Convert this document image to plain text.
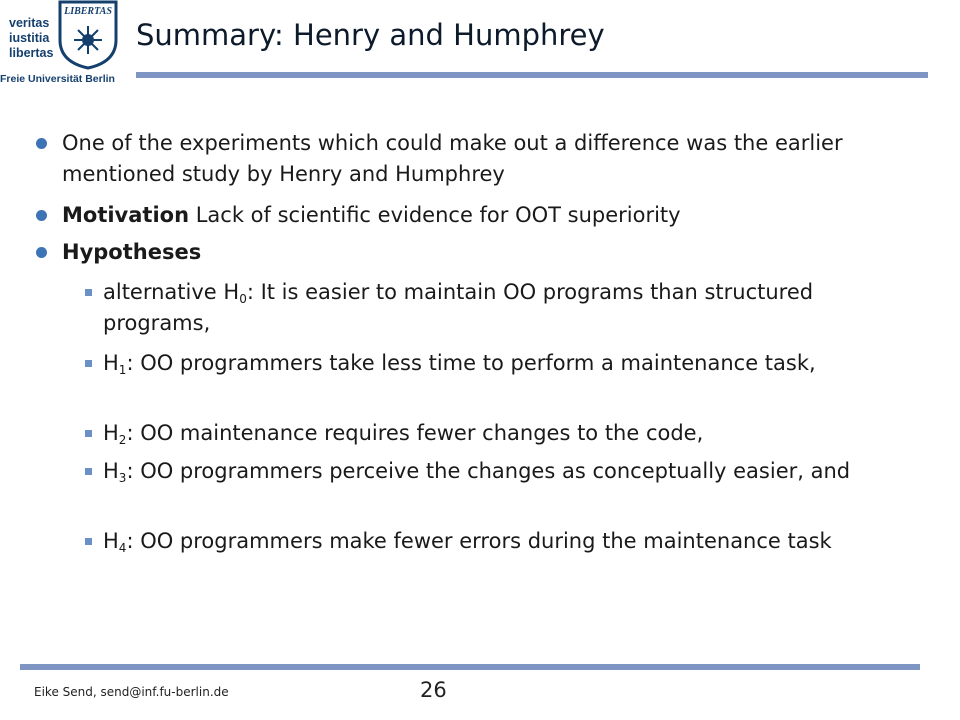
veritas
iustitia
libertas
LIBERTAS
Freie Universität Berlin
Summary: Henry and Humphrey
One of the experiments which could make out a difference was the earlier mentioned study by Henry and Humphrey
Motivation Lack of scientific evidence for OOT superiority
Hypotheses
alternative $H_0$: It is easier to maintain OO programs than structured programs,
$H_1$: OO programmers take less time to perform a maintenance task,
$H_2$: OO maintenance requires fewer changes to the code,
$H_3$: OO programmers perceive the changes as conceptually easier, and
$H_4$: OO programmers make fewer errors during the maintenance task
Eike Send, send@inf.fu-berlin.de	26
